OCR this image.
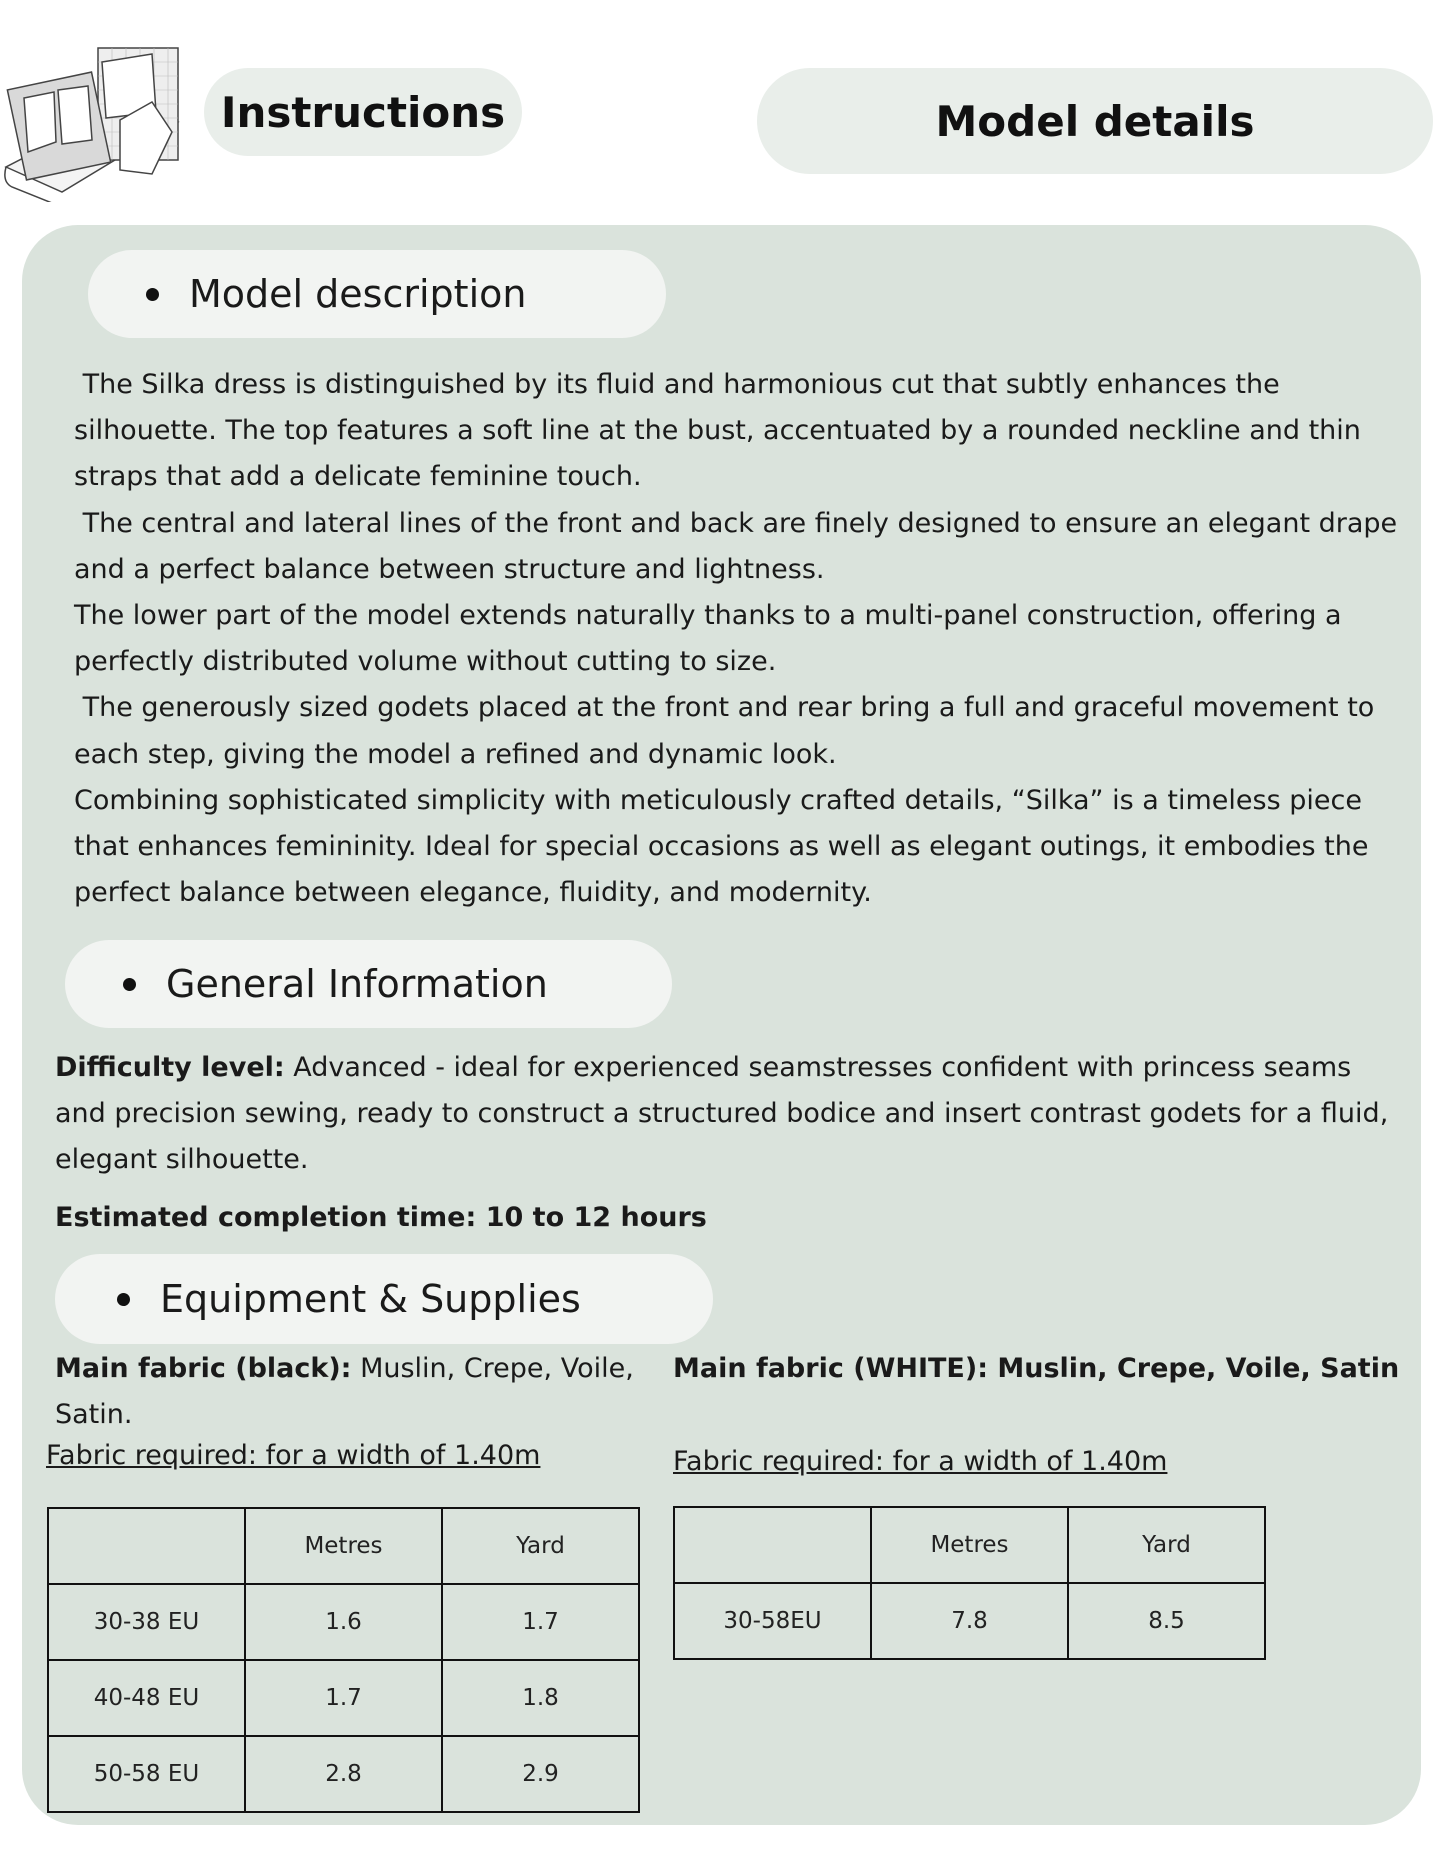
Instructions	Model details
Model description

The Silka dress is distinguished by its fluid and harmonious cut that subtly enhances the silhouette. The top features a soft line at the bust, accentuated by a rounded neckline and thin straps that add a delicate feminine touch.

The central and lateral lines of the front and back are finely designed to ensure an elegant drape and a perfect balance between structure and lightness.

The lower part of the model extends naturally thanks to a multi-panel construction, offering a perfectly distributed volume without cutting to size.

The generously sized godets placed at the front and rear bring a full and graceful movement to each step, giving the model a refined and dynamic look.

Combining sophisticated simplicity with meticulously crafted details, “Silka” is a timeless piece that enhances femininity. Ideal for special occasions as well as elegant outings, it embodies the perfect balance between elegance, fluidity, and modernity.

General Information
Difficulty level: Advanced - ideal for experienced seamstresses confident with princess seams and precision sewing, ready to construct a structured bodice and insert contrast godets for a fluid, elegant silhouette.
Estimated completion time: 10 to 12 hours
Equipment & Supplies
Main fabric (black): Muslin, Crepe, Voile, Satin.
Main fabric (WHITE): Muslin, Crepe, Voile, Satin
Fabric required: for a width of 1.40m	Fabric required: for a width of 1.40m
	Metres	Yard
30-38 EU	1.6	1.7
40-48 EU	1.7	1.8
50-58 EU	2.8	2.9
	Metres	Yard
30-58EU	7.8	8.5
